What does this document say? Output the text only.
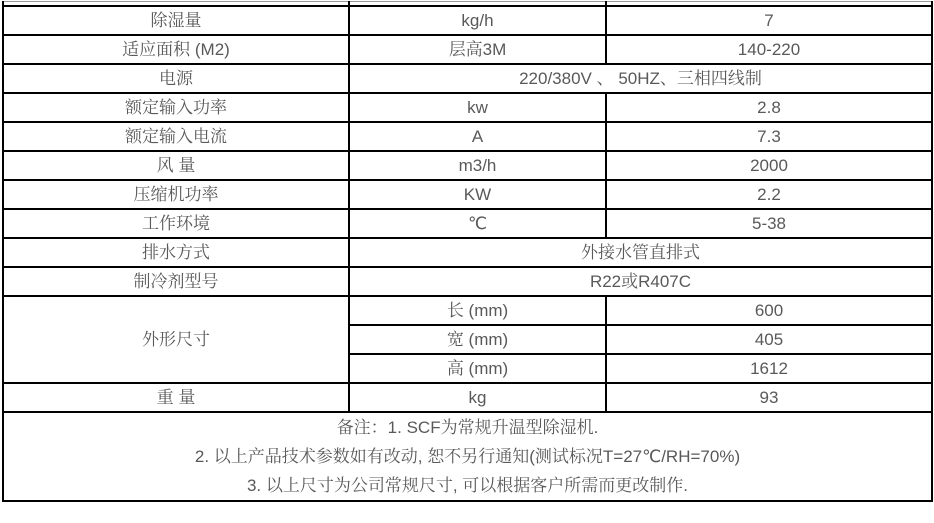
除湿量	kg/h	7
适应面积 (M2)	层高3M	140-220
电源	220/380V 、 50HZ、三相四线制	
额定输入功率	kw	2.8
额定输入电流	A	7.3
风 量	m3/h	2000
压缩机功率	KW	2.2
工作环境	℃	5-38
排水方式	外接水管直排式	
制冷剂型号	R22或R407C	
外形尺寸	长 (mm)	600
	宽 (mm)	405
	高 (mm)	1612
重 量	kg	93

备注：1. SCF为常规升温型除湿机.
2. 以上产品技术参数如有改动, 恕不另行通知(测试标况T=27℃/RH=70%)
3. 以上尺寸为公司常规尺寸, 可以根据客户所需而更改制作.		
